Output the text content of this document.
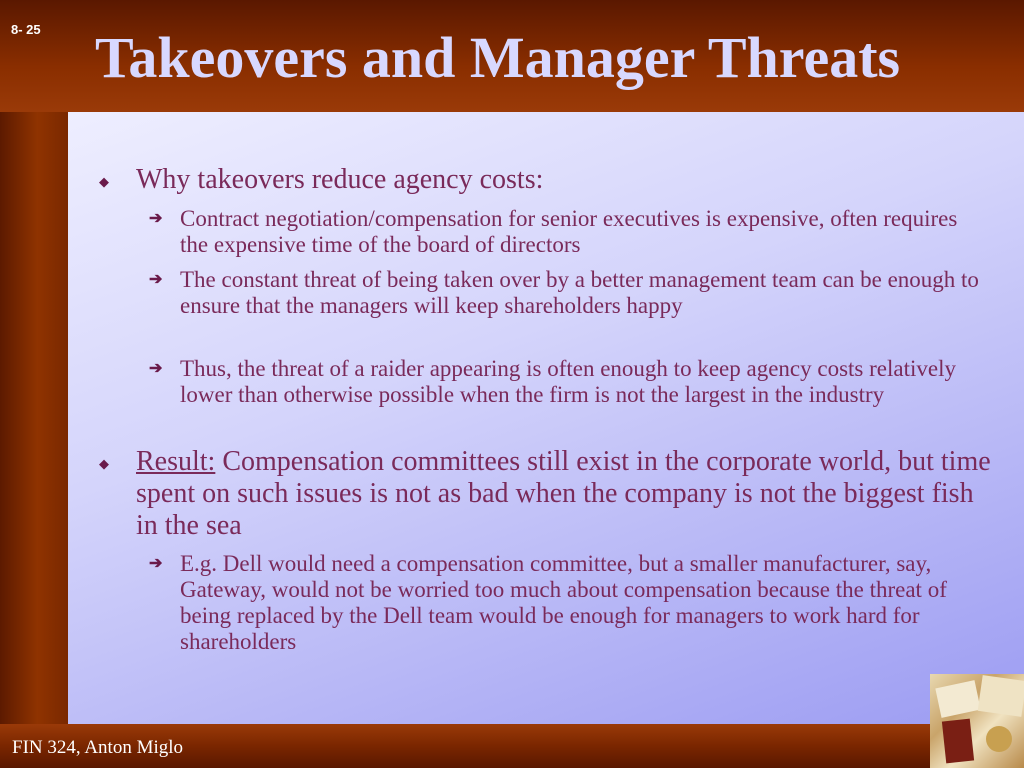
8- 25 Takeovers and Manager Threats
◆ Why takeovers reduce agency costs:
➔ Contract negotiation/compensation for senior executives is expensive, often requires the expensive time of the board of directors
➔ The constant threat of being taken over by a better management team can be enough to ensure that the managers will keep shareholders happy
➔ Thus, the threat of a raider appearing is often enough to keep agency costs relatively lower than otherwise possible when the firm is not the largest in the industry
◆ Result: Compensation committees still exist in the corporate world, but time spent on such issues is not as bad when the company is not the biggest fish in the sea
➔ E.g. Dell would need a compensation committee, but a smaller manufacturer, say, Gateway, would not be worried too much about compensation because the threat of being replaced by the Dell team would be enough for managers to work hard for shareholders
FIN 324, Anton Miglo
